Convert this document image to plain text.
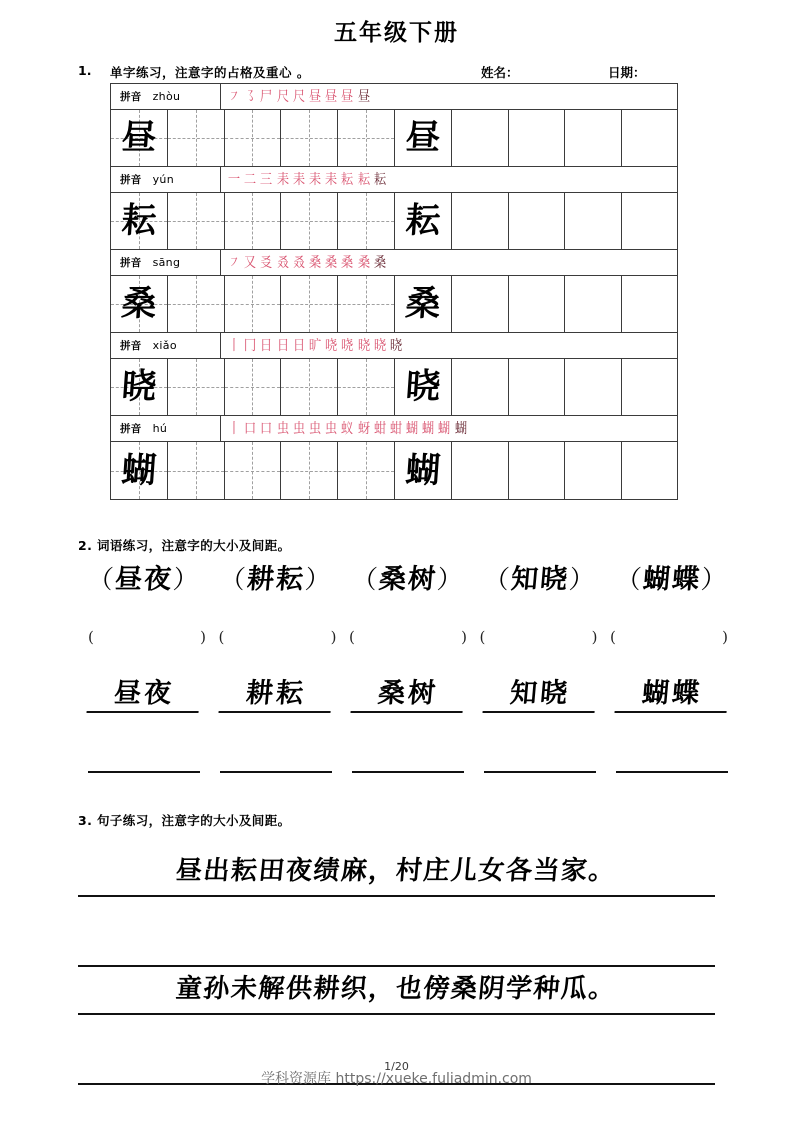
五年级下册
1. 单字练习，注意字的占格及重心 。	姓名：	日期：
拼音 zhòu	㇇ ㇌ 尸 尺 尺 昼 昼 昼 昼
昼	昼
拼音 yún	一 二 三 耒 耒 耒 耒 耘 耘 耘
耘	耘
拼音 sāng	㇇ 又 㕛 叒 叒 桑 桑 桑 桑 桑
桑	桑
拼音 xiǎo	丨 冂 日 日 日 旷 哓 哓 晓 晓 晓
晓	晓
拼音 hú	丨 口 口 虫 虫 虫 虫 蚁 蚜 蚶 蚶 蝴 蝴 蝴 蝴
蝴	蝴
2. 词语练习，注意字的大小及间距。
（昼夜） （耕耘） （桑树） （知晓） （蝴蝶）
(	) (	) (	) (	) (	)
昼夜	耕耘	桑树	知晓	蝴蝶
3. 句子练习，注意字的大小及间距。
昼出耘田夜绩麻，村庄儿女各当家。
童孙未解供耕织，也傍桑阴学种瓜。
1/20
学科资源库 https://xueke.fuliadmin.com
